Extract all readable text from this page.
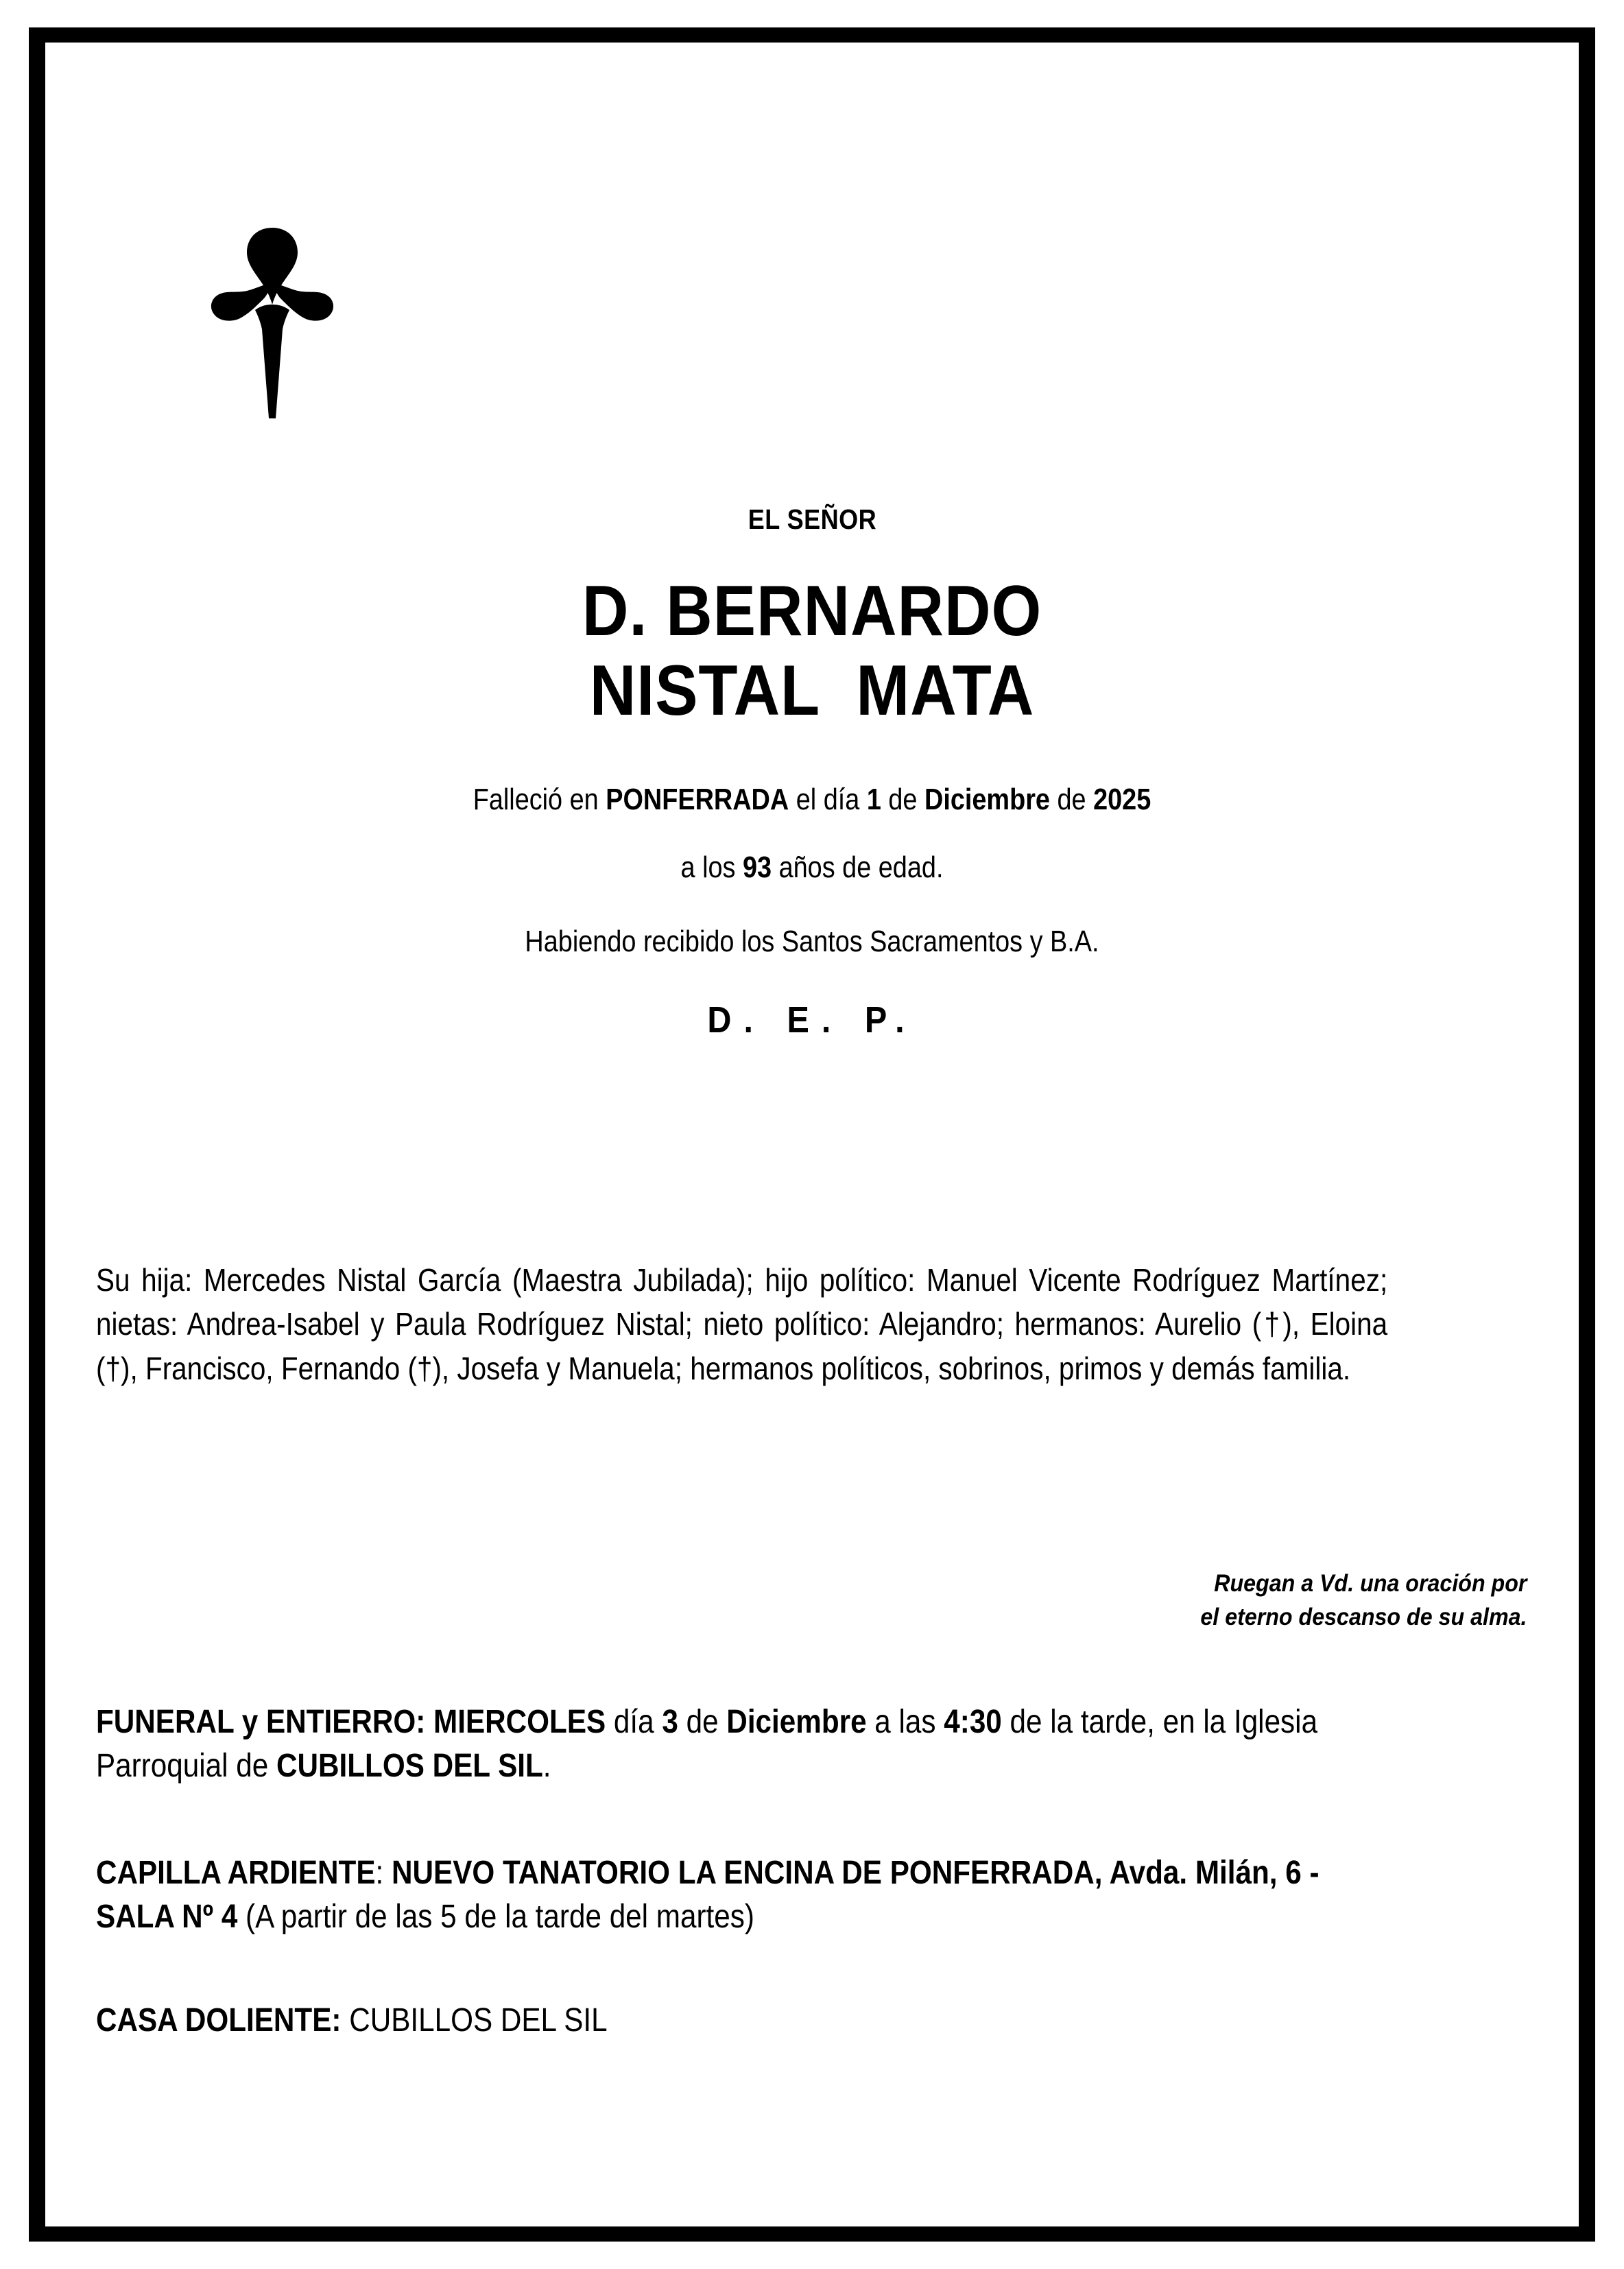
EL SEÑOR
D. BERNARDO
NISTAL  MATA
Falleció en PONFERRADA el día 1 de Diciembre de 2025
a los 93 años de edad.
Habiendo recibido los Santos Sacramentos y B.A.
D. E. P.
Su hija: Mercedes Nistal García (Maestra Jubilada); hijo político: Manuel Vicente Rodríguez Martínez; nietas: Andrea-Isabel y Paula Rodríguez Nistal; nieto político: Alejandro; hermanos: Aurelio (†), Eloina (†), Francisco, Fernando (†), Josefa y Manuela; hermanos políticos, sobrinos, primos y demás familia.
Ruegan a Vd. una oración por
el eterno descanso de su alma.
FUNERAL y ENTIERRO: MIERCOLES día 3 de Diciembre a las 4:30 de la tarde, en la Iglesia Parroquial de CUBILLOS DEL SIL.
CAPILLA ARDIENTE: NUEVO TANATORIO LA ENCINA DE PONFERRADA, Avda. Milán, 6 - SALA Nº 4 (A partir de las 5 de la tarde del martes)
CASA DOLIENTE: CUBILLOS DEL SIL
